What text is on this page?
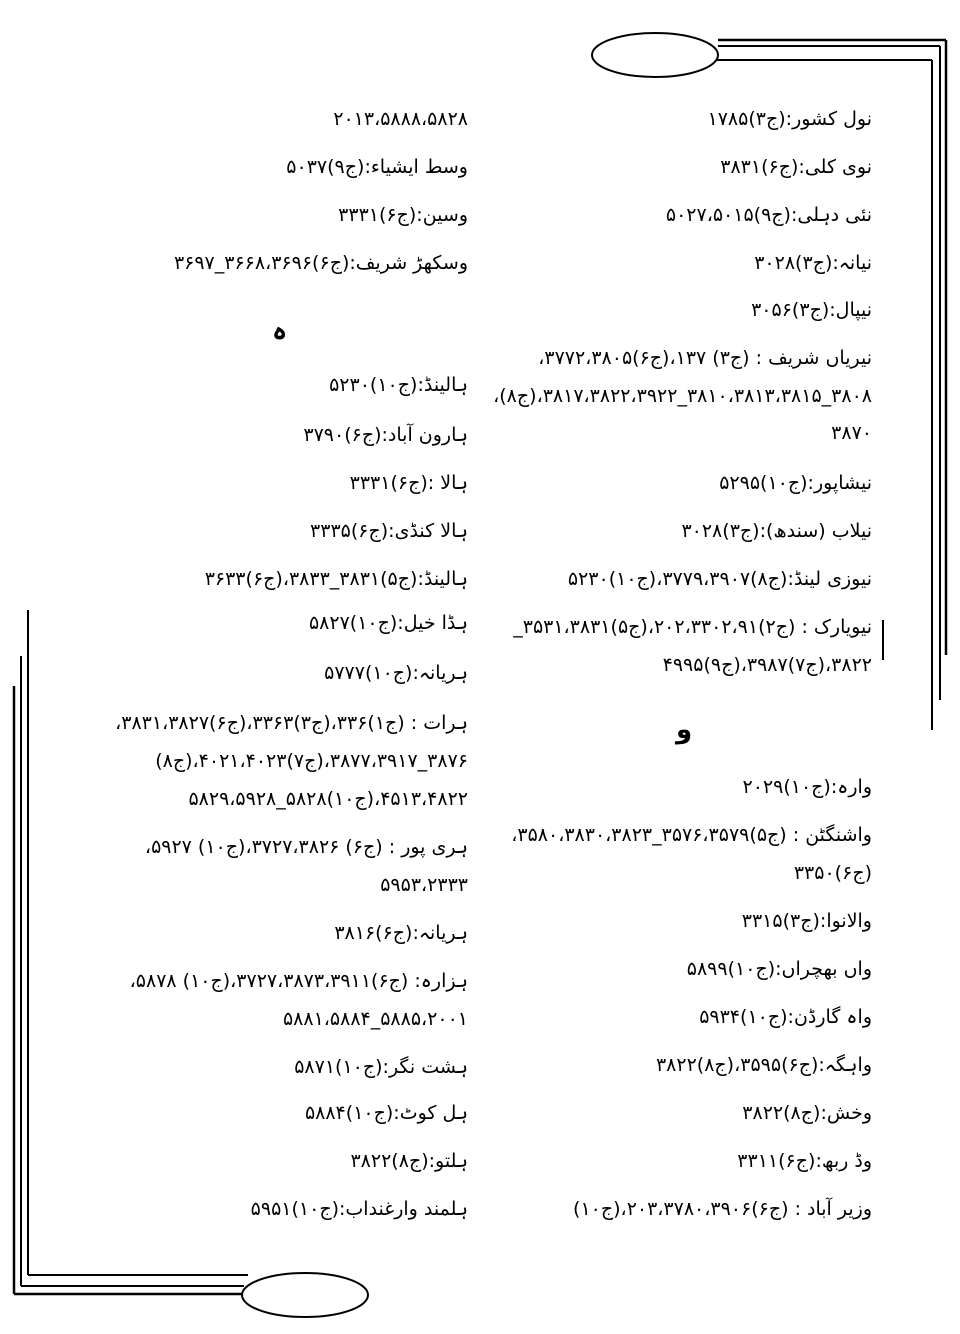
نول کشور:(ج۳)۱۷۸۵
نوی کلی:(ج۶)۳۸۳۱
نئی دہلی:(ج۹)۵۰۲۷،۵۰۱۵
نیانہ:(ج۳)۳۰۲۸
نیپال:(ج۳)۳۰۵۶
نیریاں شریف : (ج۳) ۱۳۷،(ج۶)۳۷۷۲،۳۸۰۵،
۳۸۰۸_۳۸۱۰،۳۸۱۳،۳۸۱۵_۳۸۱۷،۳۸۲۲،۳۹۲۲،(ج۸)،
۳۸۷۰
نیشاپور:(ج۱۰)۵۲۹۵
نیلاب (سندھ):(ج۳)۳۰۲۸
نیوزی لینڈ:(ج۸)۳۷۷۹،۳۹۰۷،(ج۱۰)۵۲۳۰
نیویارک : (ج۲)۲۰۲،۳۳۰۲،۹۱،(ج۵)۳۵۳۱،۳۸۳۱_
۳۸۲۲،(ج۷)۳۹۸۷،(ج۹)۴۹۹۵
و
وارہ:(ج۱۰)۲۰۲۹
واشنگٹن : (ج۵)۳۵۷۶،۳۵۷۹_۳۵۸۰،۳۸۳۰،۳۸۲۳،
(ج۶)۳۳۵۰
والانوا:(ج۳)۳۳۱۵
واں بھچراں:(ج۱۰)۵۸۹۹
واہ گارڈن:(ج۱۰)۵۹۳۴
واہگہ:(ج۶)۳۵۹۵،(ج۸)۳۸۲۲
وخش:(ج۸)۳۸۲۲
وڈ ربھ:(ج۶)۳۳۱۱
وزیر آباد : (ج۶)۲۰۳،۳۷۸۰،۳۹۰۶،(ج۱۰)
۲۰۱۳،۵۸۸۸،۵۸۲۸
وسط ایشیاء:(ج۹)۵۰۳۷
وسین:(ج۶)۳۳۳۱
وسکھڑ شریف:(ج۶)۳۶۶۸،۳۶۹۶_۳۶۹۷
ہ
ہالینڈ:(ج۱۰)۵۲۳۰
ہارون آباد:(ج۶)۳۷۹۰
ہالا :(ج۶)۳۳۳۱
ہالا کنڈی:(ج۶)۳۳۳۵
ہالینڈ:(ج۵)۳۸۳۱_۳۸۳۳،(ج۶)۳۶۳۳
ہڈا خیل:(ج۱۰)۵۸۲۷
ہریانہ:(ج۱۰)۵۷۷۷
ہرات : (ج۱)۳۳۶،(ج۳)۳۳۶۳،(ج۶)۳۸۳۱،۳۸۲۷،
۳۸۷۶_۳۸۷۷،۳۹۱۷،(ج۷)۴۰۲۱،۴۰۲۳،(ج۸)
۴۵۱۳،۴۸۲۲،(ج۱۰)۵۸۲۸_۵۸۲۹،۵۹۲۸
ہری پور : (ج۶) ۳۷۲۷،۳۸۲۶،(ج۱۰) ۵۹۲۷،
۵۹۵۳،۲۳۳۳
ہریانہ:(ج۶)۳۸۱۶
ہزارہ: (ج۶)۳۷۲۷،۳۸۷۳،۳۹۱۱،(ج۱۰) ۵۸۷۸،
۵۸۸۱،۵۸۸۴_۵۸۸۵،۲۰۰۱
ہشت نگر:(ج۱۰)۵۸۷۱
ہل کوٹ:(ج۱۰)۵۸۸۴
ہلتو:(ج۸)۳۸۲۲
ہلمند وارغنداب:(ج۱۰)۵۹۵۱
